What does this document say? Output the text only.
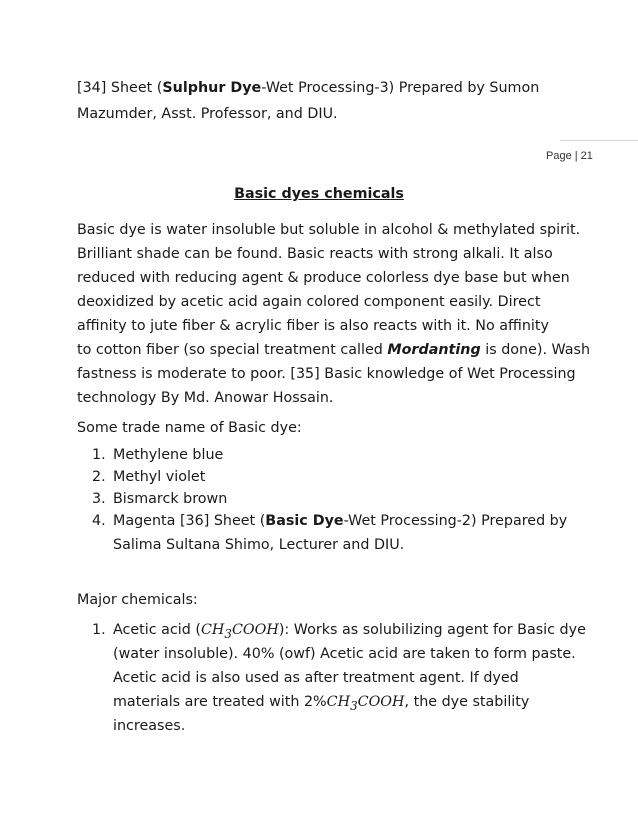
[34] Sheet (Sulphur Dye-Wet Processing-3) Prepared by Sumon
Mazumder, Asst. Professor, and DIU.
Page | 21
Basic dyes chemicals
Basic dye is water insoluble but soluble in alcohol & methylated spirit.
Brilliant shade can be found. Basic reacts with strong alkali. It also
reduced with reducing agent & produce colorless dye base but when
deoxidized by acetic acid again colored component easily. Direct
affinity to jute fiber & acrylic fiber is also reacts with it. No affinity
to cotton fiber (so special treatment called Mordanting is done). Wash
fastness is moderate to poor. [35] Basic knowledge of Wet Processing
technology By Md. Anowar Hossain.
Some trade name of Basic dye:
1. Methylene blue
2. Methyl violet
3. Bismarck brown
4. Magenta [36] Sheet (Basic Dye-Wet Processing-2) Prepared by
Salima Sultana Shimo, Lecturer and DIU.
Major chemicals:
1. Acetic acid $(CH_3COOH)$: Works as solubilizing agent for Basic dye
(water insoluble). 40% (owf) Acetic acid are taken to form paste.
Acetic acid is also used as after treatment agent. If dyed
materials are treated with $2\%CH_3COOH$, the dye stability
increases.
